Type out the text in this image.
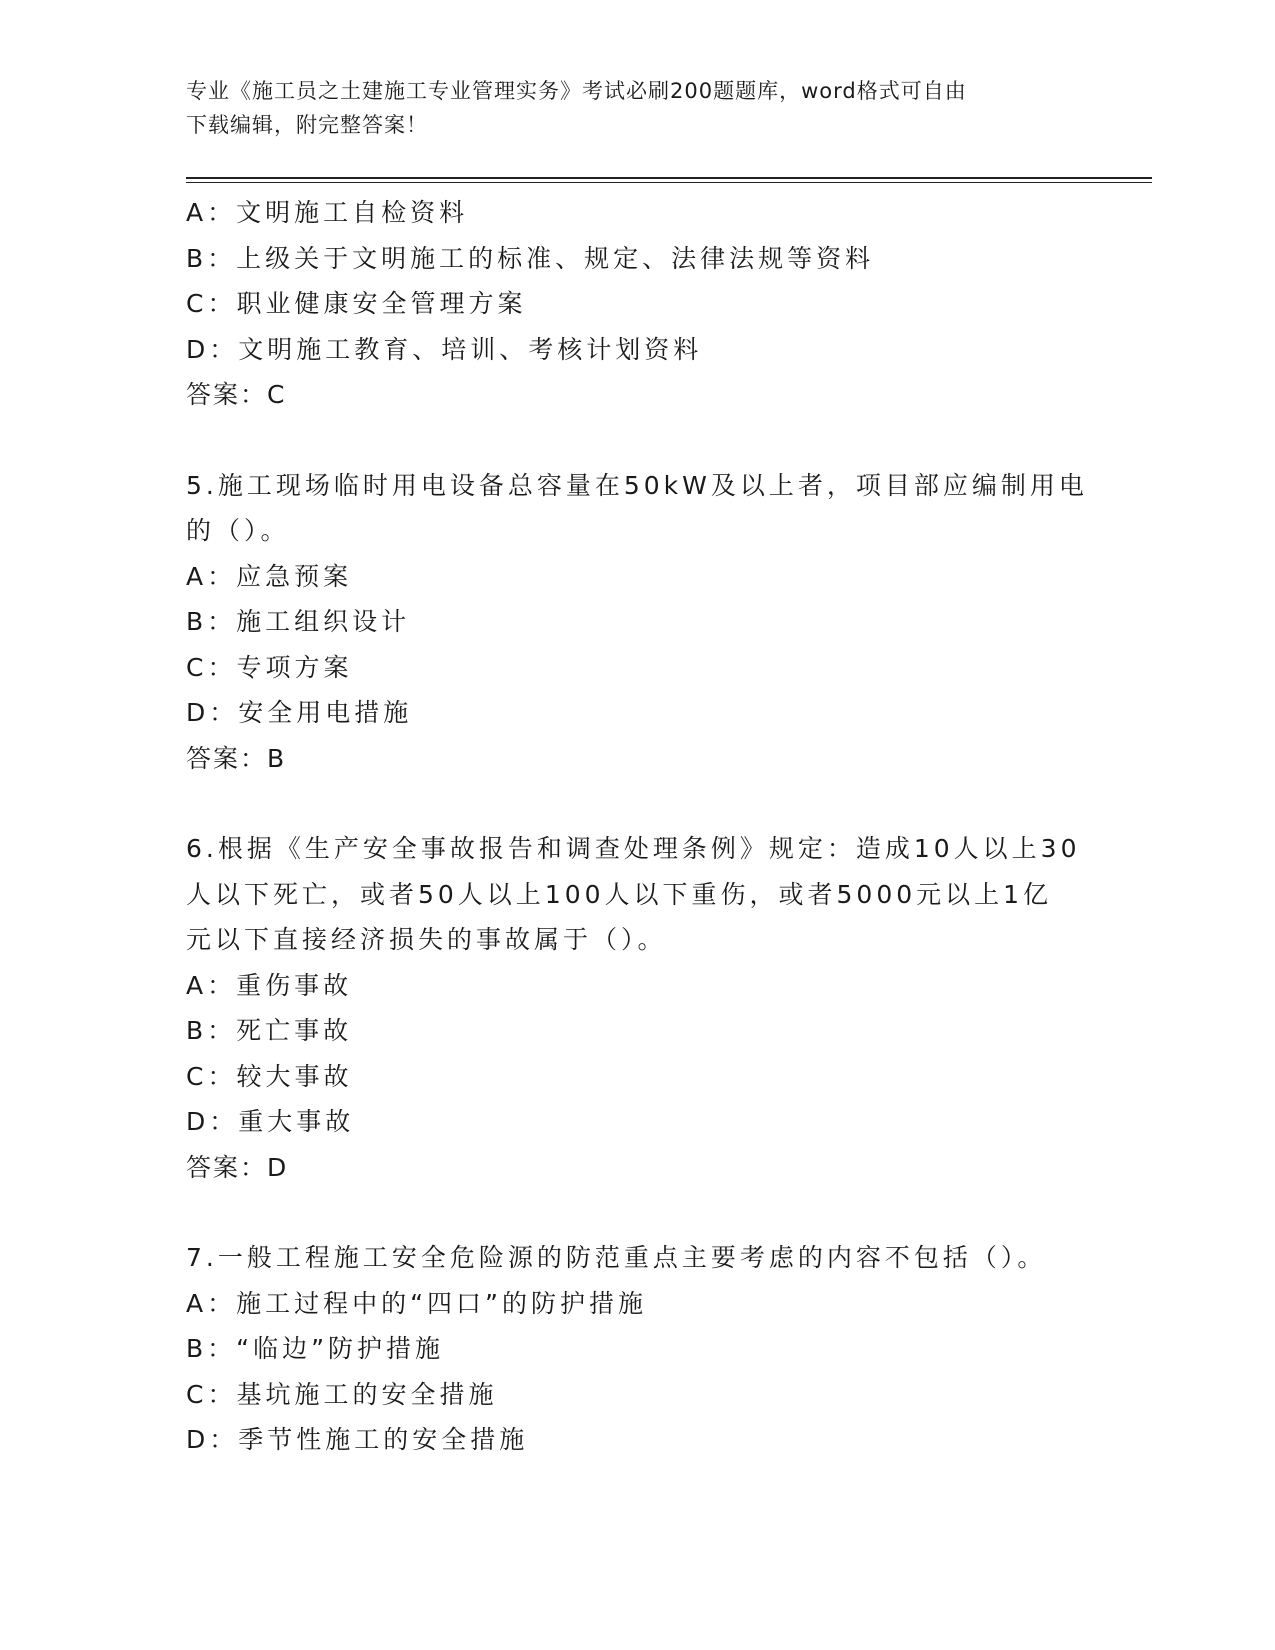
专业《施工员之土建施工专业管理实务》考试必刷200题题库，word格式可自由
下载编辑，附完整答案！
A：文明施工自检资料
B：上级关于文明施工的标准、规定、法律法规等资料
C：职业健康安全管理方案
D：文明施工教育、培训、考核计划资料
答案：C
5.施工现场临时用电设备总容量在50kW及以上者，项目部应编制用电
的（）。
A：应急预案
B：施工组织设计
C：专项方案
D：安全用电措施
答案：B
6.根据《生产安全事故报告和调查处理条例》规定：造成10人以上30
人以下死亡，或者50人以上100人以下重伤，或者5000元以上1亿
元以下直接经济损失的事故属于（）。
A：重伤事故
B：死亡事故
C：较大事故
D：重大事故
答案：D
7.一般工程施工安全危险源的防范重点主要考虑的内容不包括（）。
A：施工过程中的“四口”的防护措施
B：“临边”防护措施
C：基坑施工的安全措施
D：季节性施工的安全措施
